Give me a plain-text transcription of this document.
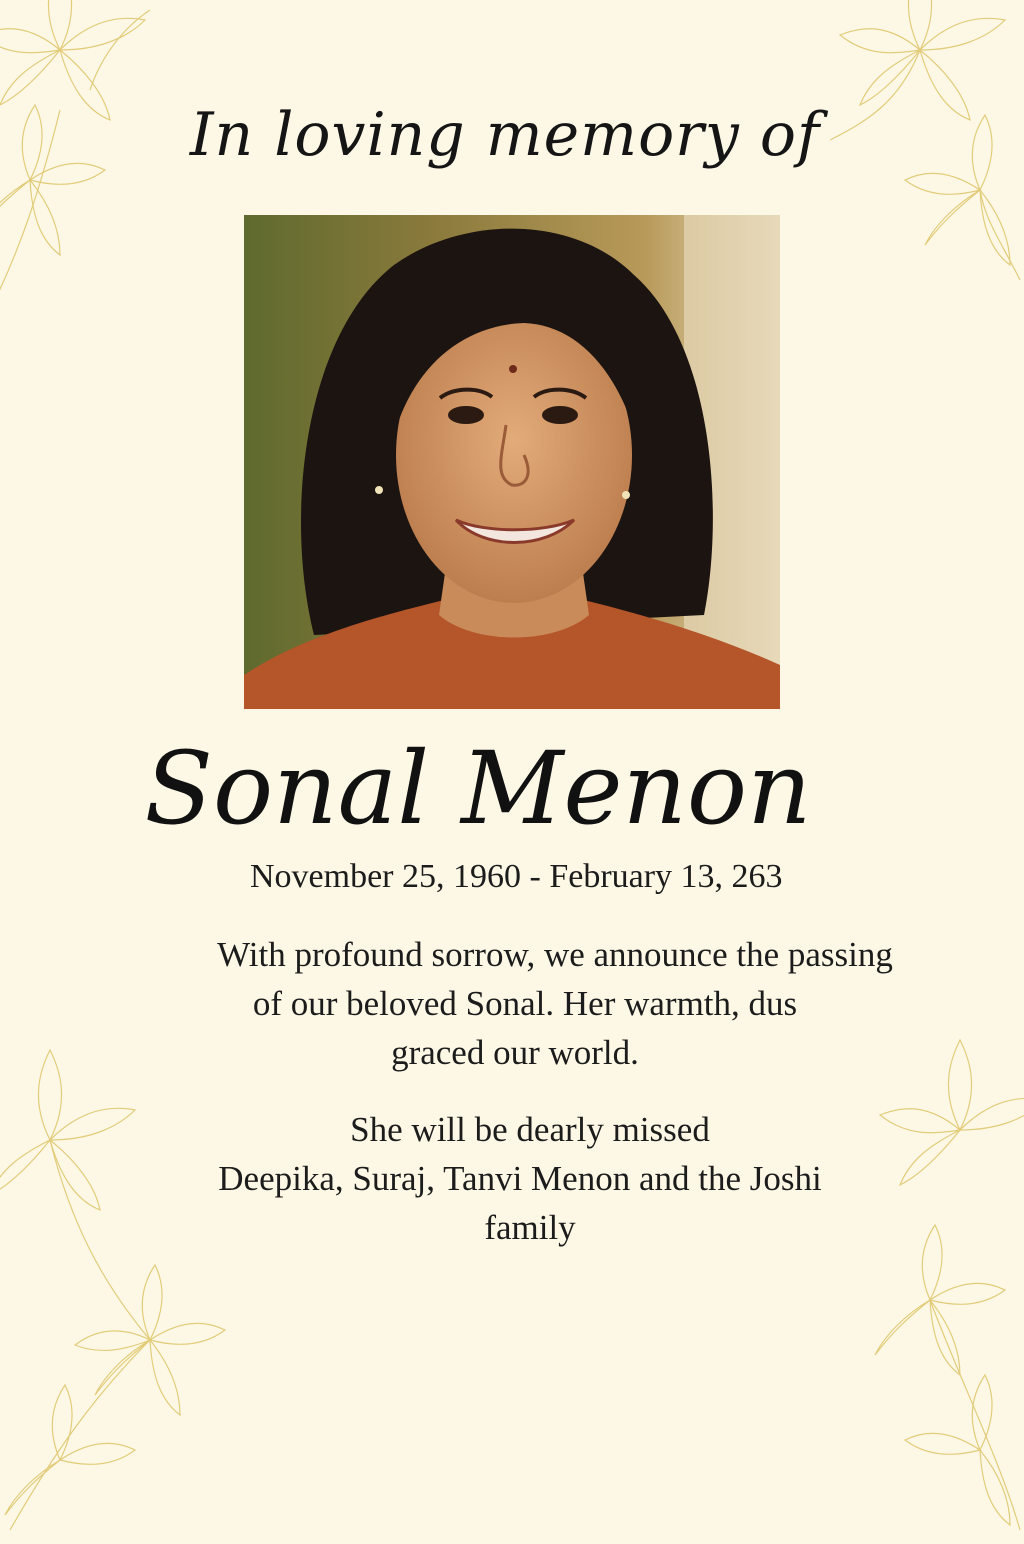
In loving memory of
Sonal Menon
November 25, 1960 - February 13, 263
With profound sorrow, we announce the passing
of our beloved Sonal. Her warmth, dus
graced our world.
She will be dearly missed
Deepika, Suraj, Tanvi Menon and the Joshi
family
